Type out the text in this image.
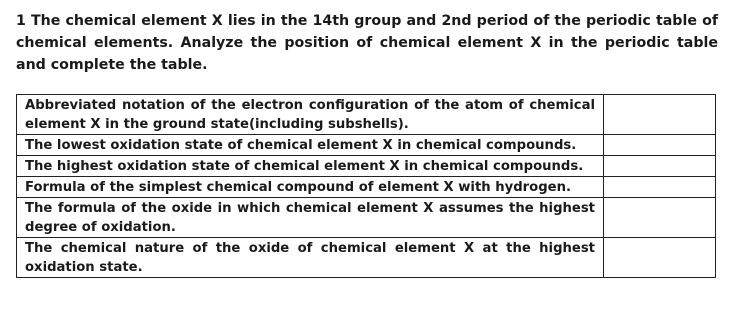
1 The chemical element X lies in the 14th group and 2nd period of the periodic table of chemical elements. Analyze the position of chemical element X in the periodic table and complete the table.

Abbreviated notation of the electron configuration of the atom of chemical element X in the ground state(including subshells).	
The lowest oxidation state of chemical element X in chemical compounds.	
The highest oxidation state of chemical element X in chemical compounds.	
Formula of the simplest chemical compound of element X with hydrogen.	
The formula of the oxide in which chemical element X assumes the highest degree of oxidation.	
The chemical nature of the oxide of chemical element X at the highest oxidation state.	
